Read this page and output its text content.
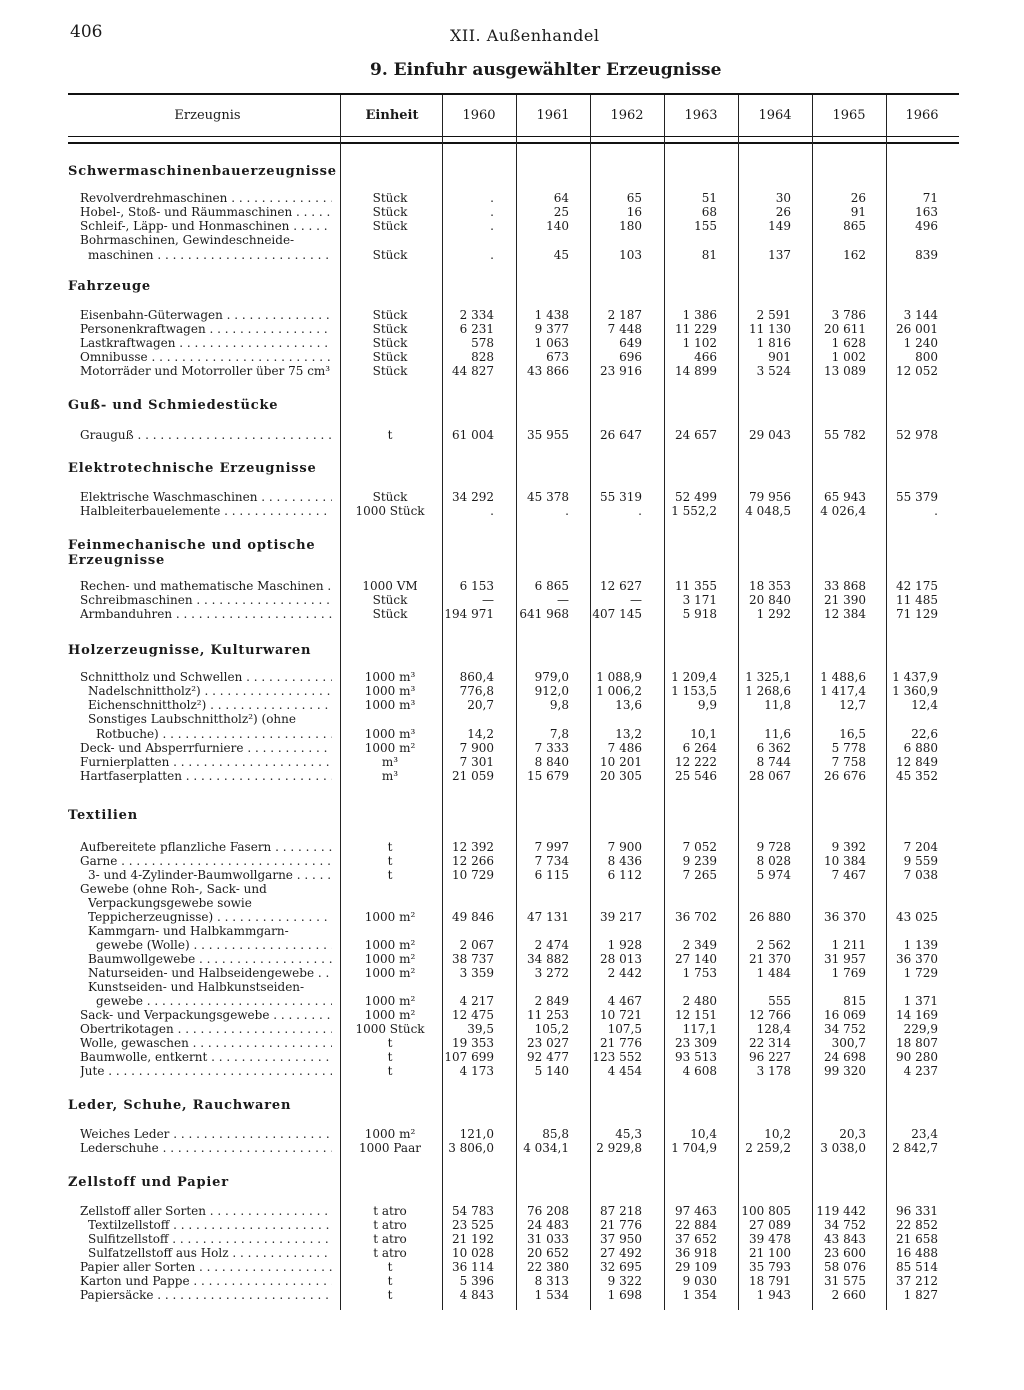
406	XII. Außenhandel
9. Einfuhr ausgewählter Erzeugnisse
Erzeugnis	Einheit	1960	1961	1962	1963	1964	1965	1966
Schwermaschinenbauerzeugnisse
Revolverdrehmaschinen . . .	Stück	.	64	65	51	30	26	71
Hobel-, Stoß- und Räummaschinen . . .	Stück	.	25	16	68	26	91	163
Schleif-, Läpp- und Honmaschinen . . .	Stück	.	140	180	155	149	865	496
Bohrmaschinen, Gewindeschneide-
maschinen . . .	Stück	.	45	103	81	137	162	839
Fahrzeuge
Eisenbahn-Güterwagen . . .	Stück	2 334	1 438	2 187	1 386	2 591	3 786	3 144
Personenkraftwagen . . .	Stück	6 231	9 377	7 448	11 229	11 130	20 611	26 001
Lastkraftwagen . . .	Stück	578	1 063	649	1 102	1 816	1 628	1 240
Omnibusse . . .	Stück	828	673	696	466	901	1 002	800
Motorräder und Motorroller über 75 cm³ . . .	Stück	44 827	43 866	23 916	14 899	3 524	13 089	12 052
Guß- und Schmiedestücke
Grauguß . . .	t	61 004	35 955	26 647	24 657	29 043	55 782	52 978
Elektrotechnische Erzeugnisse
Elektrische Waschmaschinen . . .	Stück	34 292	45 378	55 319	52 499	79 956	65 943	55 379
Halbleiterbauelemente . . .	1000 Stück	.	.	.	1 552,2	4 048,5	4 026,4	.
Feinmechanische und optische Erzeugnisse
Rechen- und mathematische Maschinen . . .	1000 VM	6 153	6 865	12 627	11 355	18 353	33 868	42 175
Schreibmaschinen . . .	Stück	—	—	—	3 171	20 840	21 390	11 485
Armbanduhren . . .	Stück	194 971	641 968	407 145	5 918	1 292	12 384	71 129
Holzerzeugnisse, Kulturwaren
Schnittholz und Schwellen . . .	1000 m³	860,4	979,0	1 088,9	1 209,4	1 325,1	1 488,6	1 437,9
Nadelschnittholz²) . . .	1000 m³	776,8	912,0	1 006,2	1 153,5	1 268,6	1 417,4	1 360,9
Eichenschnittholz²) . . .	1000 m³	20,7	9,8	13,6	9,9	11,8	12,7	12,4
Sonstiges Laubschnittholz²) (ohne
Rotbuche) . . .	1000 m³	14,2	7,8	13,2	10,1	11,6	16,5	22,6
Deck- und Absperrfurniere . . .	1000 m²	7 900	7 333	7 486	6 264	6 362	5 778	6 880
Furnierplatten . . .	m³	7 301	8 840	10 201	12 222	8 744	7 758	12 849
Hartfaserplatten . . .	m³	21 059	15 679	20 305	25 546	28 067	26 676	45 352
Textilien
Aufbereitete pflanzliche Fasern . . .	t	12 392	7 997	7 900	7 052	9 728	9 392	7 204
Garne . . .	t	12 266	7 734	8 436	9 239	8 028	10 384	9 559
3- und 4-Zylinder-Baumwollgarne . . .	t	10 729	6 115	6 112	7 265	5 974	7 467	7 038
Gewebe (ohne Roh-, Sack- und
Verpackungsgewebe sowie
Teppicherzeugnisse) . . .	1000 m²	49 846	47 131	39 217	36 702	26 880	36 370	43 025
Kammgarn- und Halbkammgarn-
gewebe (Wolle) . . .	1000 m²	2 067	2 474	1 928	2 349	2 562	1 211	1 139
Baumwollgewebe . . .	1000 m²	38 737	34 882	28 013	27 140	21 370	31 957	36 370
Naturseiden- und Halbseidengewebe . . .	1000 m²	3 359	3 272	2 442	1 753	1 484	1 769	1 729
Kunstseiden- und Halbkunstseiden-
gewebe . . .	1000 m²	4 217	2 849	4 467	2 480	555	815	1 371
Sack- und Verpackungsgewebe . . .	1000 m²	12 475	11 253	10 721	12 151	12 766	16 069	14 169
Obertrikotagen . . .	1000 Stück	39,5	105,2	107,5	117,1	128,4	34 752	229,9
Wolle, gewaschen . . .	t	19 353	23 027	21 776	23 309	22 314	300,7	18 807
Baumwolle, entkernt . . .	t	107 699	92 477	123 552	93 513	96 227	24 698	90 280
Jute . . .	t	4 173	5 140	4 454	4 608	3 178	99 320	4 237
Leder, Schuhe, Rauchwaren
Weiches Leder . . .	1000 m²	121,0	85,8	45,3	10,4	10,2	20,3	23,4
Lederschuhe . . .	1000 Paar	3 806,0	4 034,1	2 929,8	1 704,9	2 259,2	3 038,0	2 842,7
Zellstoff und Papier
Zellstoff aller Sorten . . .	t atro	54 783	76 208	87 218	97 463	100 805	119 442	96 331
Textilzellstoff . . .	t atro	23 525	24 483	21 776	22 884	27 089	34 752	22 852
Sulfitzellstoff . . .	t atro	21 192	31 033	37 950	37 652	39 478	43 843	21 658
Sulfatzellstoff aus Holz . . .	t atro	10 028	20 652	27 492	36 918	21 100	23 600	16 488
Papier aller Sorten . . .	t	36 114	22 380	32 695	29 109	35 793	58 076	85 514
Karton und Pappe . . .	t	5 396	8 313	9 322	9 030	18 791	31 575	37 212
Papiersäcke . . .	t	4 843	1 534	1 698	1 354	1 943	2 660	1 827
